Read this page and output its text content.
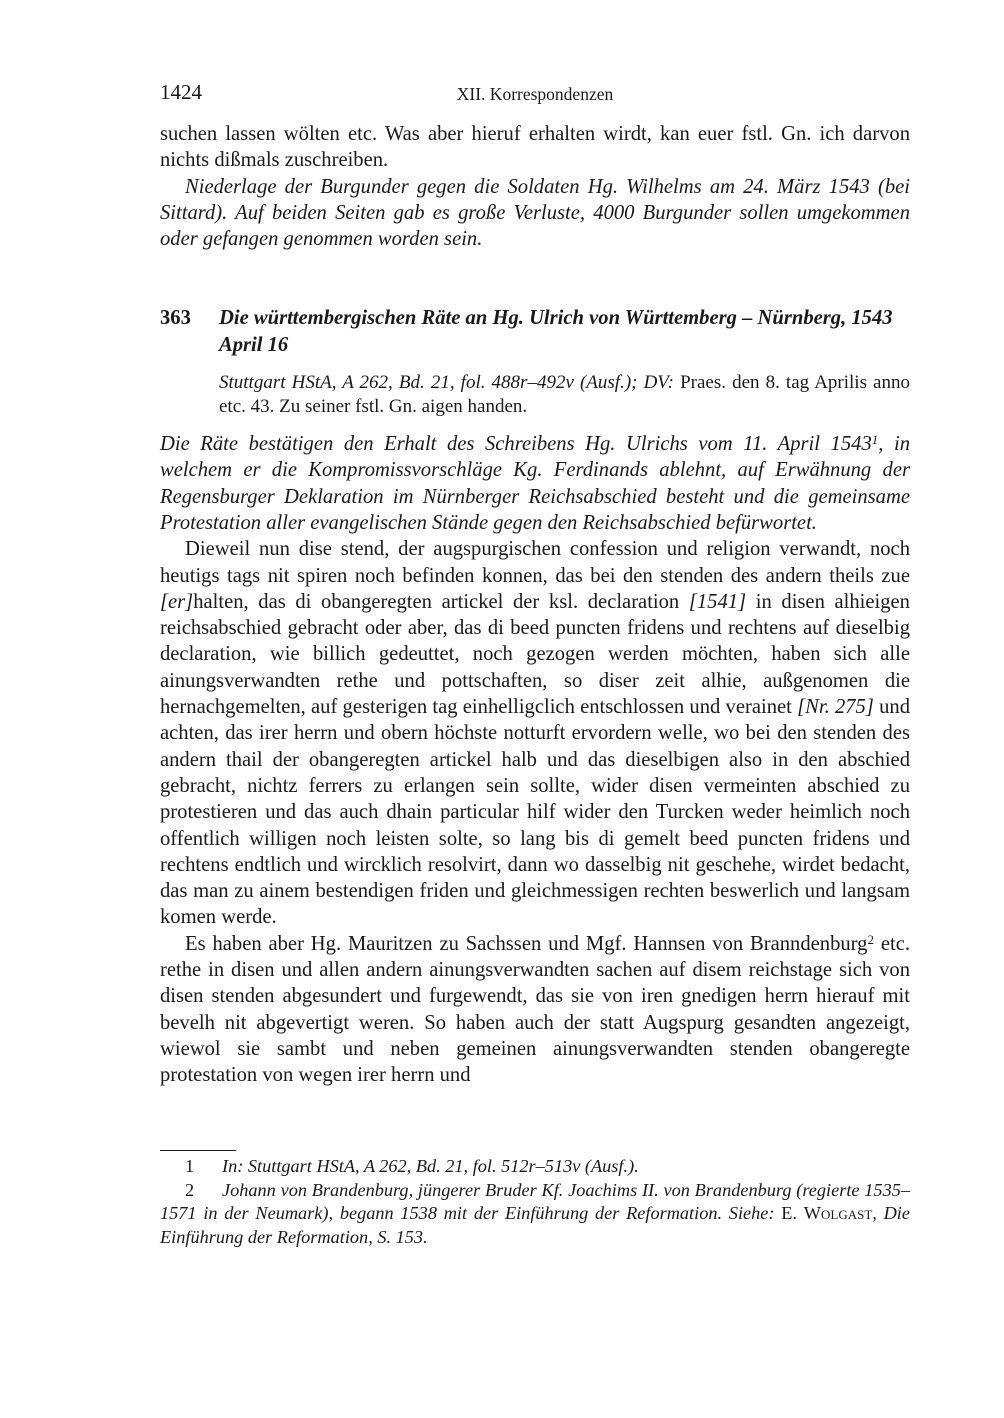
1424	XII. Korrespondenzen

suchen lassen wölten etc. Was aber hieruf erhalten wirdt, kan euer fstl. Gn. ich darvon nichts dißmals zuschreiben.

Niederlage der Burgunder gegen die Soldaten Hg. Wilhelms am 24. März 1543 (bei Sittard). Auf beiden Seiten gab es große Verluste, 4000 Burgunder sollen umgekommen oder gefangen genommen worden sein.

363	Die württembergischen Räte an Hg. Ulrich von Württemberg – Nürnberg, 1543 April 16

Stuttgart HStA, A 262, Bd. 21, fol. 488r–492v (Ausf.); DV: Praes. den 8. tag Aprilis anno etc. 43. Zu seiner fstl. Gn. aigen handen.

Die Räte bestätigen den Erhalt des Schreibens Hg. Ulrichs vom 11. April 1543$^1$, in welchem er die Kompromissvorschläge Kg. Ferdinands ablehnt, auf Erwähnung der Regensburger Deklaration im Nürnberger Reichsabschied besteht und die gemeinsame Protestation aller evangelischen Stände gegen den Reichsabschied befürwortet.

Dieweil nun dise stend, der augspurgischen confession und religion verwandt, noch heutigs tags nit spiren noch befinden konnen, das bei den stenden des andern theils zue [er]halten, das di obangeregten artickel der ksl. declaration [1541] in disen alhieigen reichsabschied gebracht oder aber, das di beed puncten fridens und rechtens auf dieselbig declaration, wie billich gedeuttet, noch gezogen werden möchten, haben sich alle ainungsverwandten rethe und pottschaften, so diser zeit alhie, außgenomen die hernachgemelten, auf gesterigen tag einhelligclich entschlossen und verainet [Nr. 275] und achten, das irer herrn und obern höchste notturft ervordern welle, wo bei den stenden des andern thail der obangeregten artickel halb und das dieselbigen also in den abschied gebracht, nichtz ferrers zu erlangen sein sollte, wider disen vermeinten abschied zu protestieren und das auch dhain particular hilf wider den Turcken weder heimlich noch offentlich willigen noch leisten solte, so lang bis di gemelt beed puncten fridens und rechtens endtlich und wircklich resolvirt, dann wo dasselbig nit geschehe, wirdet bedacht, das man zu ainem bestendigen friden und gleichmessigen rechten beswerlich und langsam komen werde.

Es haben aber Hg. Mauritzen zu Sachssen und Mgf. Hannsen von Branndenburg$^2$ etc. rethe in disen und allen andern ainungsverwandten sachen auf disem reichstage sich von disen stenden abgesundert und furgewendt, das sie von iren gnedigen herrn hierauf mit bevelh nit abgevertigt weren. So haben auch der statt Augspurg gesandten angezeigt, wiewol sie sambt und neben gemeinen ainungsverwandten stenden obangeregte protestation von wegen irer herrn und

1 In: Stuttgart HStA, A 262, Bd. 21, fol. 512r–513v (Ausf.).

2 Johann von Brandenburg, jüngerer Bruder Kf. Joachims II. von Brandenburg (regierte 1535–1571 in der Neumark), begann 1538 mit der Einführung der Reformation. Siehe: E. Wolgast, Die Einführung der Reformation, S. 153.
